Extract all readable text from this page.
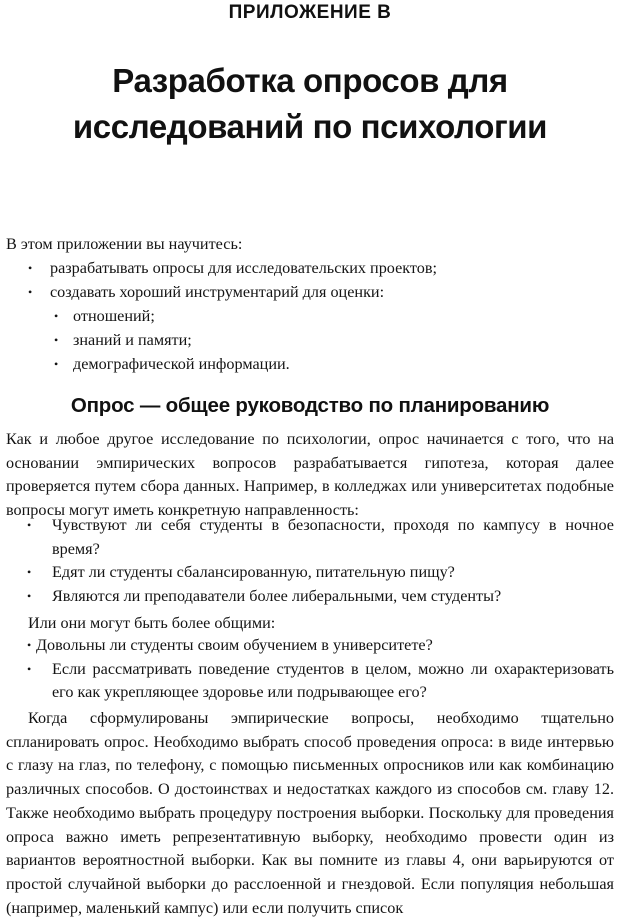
ПРИЛОЖЕНИЕ В
Разработка опросов для
исследований по психологии

В этом приложении вы научитесь:

• разрабатывать опросы для исследовательских проектов;
• создавать хороший инструментарий для оценки:
• отношений;
• знаний и памяти;
• демографической информации.
Опрос — общее руководство по планированию

Как и любое другое исследование по психологии, опрос начинается с того, что на основании эмпирических вопросов разрабатывается гипотеза, которая далее проверяется путем сбора данных. Например, в колледжах или университетах подобные вопросы могут иметь конкретную направленность:

• Чувствуют ли себя студенты в безопасности, проходя по кампусу в ночное время?
• Едят ли студенты сбалансированную, питательную пищу?
• Являются ли преподаватели более либеральными, чем студенты?
Или они могут быть более общими:
• Довольны ли студенты своим обучением в университете?
• Если рассматривать поведение студентов в целом, можно ли охарактеризовать его как укрепляющее здоровье или подрывающее его?

Когда сформулированы эмпирические вопросы, необходимо тщательно спланировать опрос. Необходимо выбрать способ проведения опроса: в виде интервью с глазу на глаз, по телефону, с помощью письменных опросников или как комбинацию различных способов. О достоинствах и недостатках каждого из способов см. главу 12. Также необходимо выбрать процедуру построения выборки. Поскольку для проведения опроса важно иметь репрезентативную выборку, необходимо провести один из вариантов вероятностной выборки. Как вы помните из главы 4, они варьируются от простой случайной выборки до расслоенной и гнездовой. Если популяция небольшая (например, маленький кампус) или если получить список
